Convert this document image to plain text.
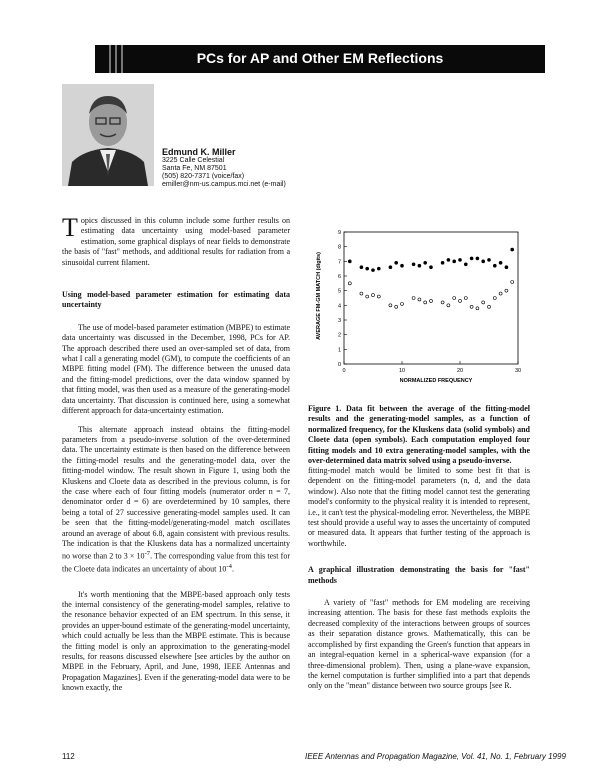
PCs for AP and Other EM Reflections
Edmund K. Miller
3225 Calle Celestial
Santa Fe, NM 87501
(505) 820-7371 (voice/fax)
emiller@nm-us.campus.mci.net (e-mail)

Topics discussed in this column include some further results on estimating data uncertainty using model-based parameter estimation, some graphical displays of near fields to demonstrate the basis of "fast" methods, and additional results for radiation from a sinusoidal current filament.

Using model-based parameter estimation for estimating data uncertainty

The use of model-based parameter estimation (MBPE) to estimate data uncertainty was discussed in the December, 1998, PCs for AP. The approach described there used an over-sampled set of data, from what I call a generating model (GM), to compute the coefficients of an MBPE fitting model (FM). The difference between the unused data and the fitting-model predictions, over the data window spanned by that fitting model, was then used as a measure of the generating-model data uncertainty. That discussion is continued here, using a somewhat different approach for data-uncertainty estimation.

This alternate approach instead obtains the fitting-model parameters from a pseudo-inverse solution of the over-determined data. The uncertainty estimate is then based on the difference between the fitting-model results and the generating-model data, over the fitting-model window. The result shown in Figure 1, using both the Kluskens and Cloete data as described in the previous column, is for the case where each of four fitting models (numerator order n = 7, denominator order d = 6) are overdetermined by 10 samples, there being a total of 27 successive generating-model samples used. It can be seen that the fitting-model/generating-model match oscillates around an average of about 6.8, again consistent with previous results. The indication is that the Kluskens data has a normalized uncertainty no worse than 2 to $3 \times 10^{-7}$. The corresponding value from this test for the Cloete data indicates an uncertainty of about $10^{-4}$.

It's worth mentioning that the MBPE-based approach only tests the internal consistency of the generating-model samples, relative to the resonance behavior expected of an EM spectrum. In this sense, it provides an upper-bound estimate of the generating-model uncertainty, which could actually be less than the MBPE estimate. This is because the fitting model is only an approximation to the generating-model results, for reasons discussed elsewhere [see articles by the author on MBPE in the February, April, and June, 1998, IEEE Antennas and Propagation Magazines]. Even if the generating-model data were to be known exactly, the

0
1
2
3
4
5
6
7
8
9
0	10	20	30
AVERAGE FM-GM MATCH (digits)
NORMALIZED FREQUENCY
Figure 1. Data fit between the average of the fitting-model results and the generating-model samples, as a function of normalized frequency, for the Kluskens data (solid symbols) and Cloete data (open symbols). Each computation employed four fitting models and 10 extra generating-model samples, with the over-determined data matrix solved using a pseudo-inverse.

fitting-model match would be limited to some best fit that is dependent on the fitting-model parameters (n, d, and the data window). Also note that the fitting model cannot test the generating model's conformity to the physical reality it is intended to represent, i.e., it can't test the physical-modeling error. Nevertheless, the MBPE test should provide a useful way to asses the uncertainty of computed or measured data. It appears that further testing of the approach is worthwhile.

A graphical illustration demonstrating the basis for "fast" methods

A variety of "fast" methods for EM modeling are receiving increasing attention. The basis for these fast methods exploits the decreased complexity of the interactions between groups of sources as their separation distance grows. Mathematically, this can be accomplished by first expanding the Green's function that appears in an integral-equation kernel in a spherical-wave expansion (for a three-dimensional problem). Then, using a plane-wave expansion, the kernel computation is further simplified into a part that depends only on the "mean" distance between two source groups [see R.

112	IEEE Antennas and Propagation Magazine, Vol. 41, No. 1, February 1999
